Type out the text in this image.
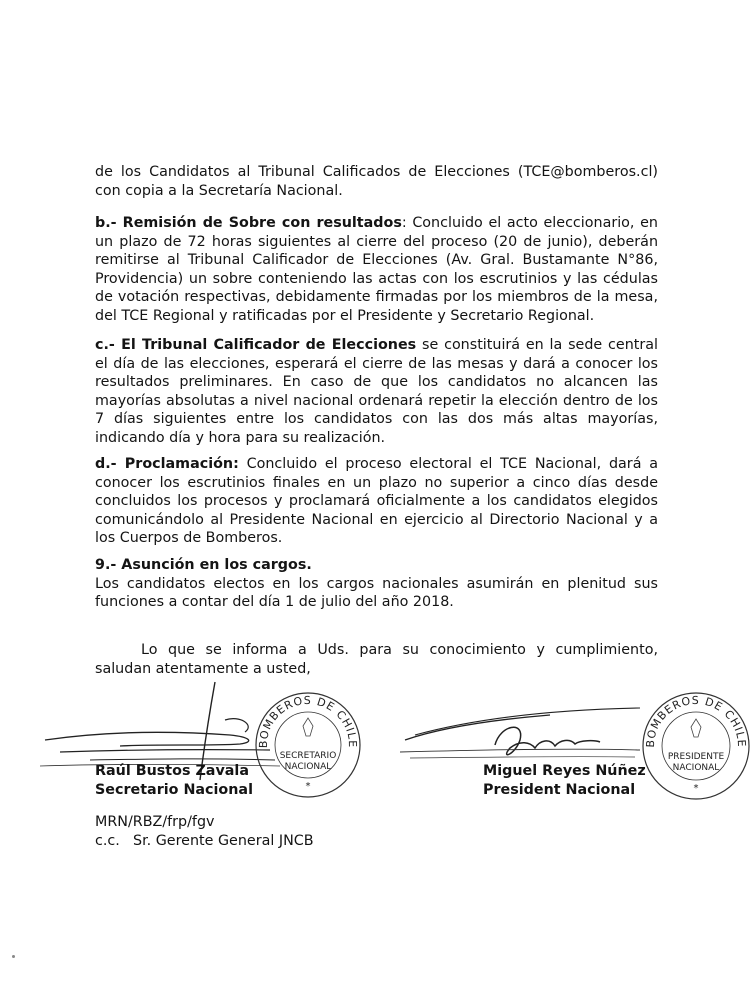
de los Candidatos al Tribunal Calificados de Elecciones (TCE@bomberos.cl) con copia a la Secretaría Nacional.

b.- Remisión de Sobre con resultados: Concluido el acto eleccionario, en un plazo de 72 horas siguientes al cierre del proceso (20 de junio), deberán remitirse al Tribunal Calificador de Elecciones (Av. Gral. Bustamante N°86, Providencia) un sobre conteniendo las actas con los escrutinios y las cédulas de votación respectivas, debidamente firmadas por los miembros de la mesa, del TCE Regional y ratificadas por el Presidente y Secretario Regional.

c.- El Tribunal Calificador de Elecciones se constituirá en la sede central el día de las elecciones, esperará el cierre de las mesas y dará a conocer los resultados preliminares. En caso de que los candidatos no alcancen las mayorías absolutas a nivel nacional ordenará repetir la elección dentro de los 7 días siguientes entre los candidatos con las dos más altas mayorías, indicando día y hora para su realización.

d.- Proclamación: Concluido el proceso electoral el TCE Nacional, dará a conocer los escrutinios finales en un plazo no superior a cinco días desde concluidos los procesos y proclamará oficialmente a los candidatos elegidos comunicándolo al Presidente Nacional en ejercicio al Directorio Nacional y a los Cuerpos de Bomberos.

9.- Asunción en los cargos.
Los candidatos electos en los cargos nacionales asumirán en plenitud sus funciones a contar del día 1 de julio del año 2018.

Lo que se informa a Uds. para su conocimiento y cumplimiento, saludan atentamente a usted,

BOMBEROS DE CHILE
SECRETARIO
NACIONAL
*
BOMBEROS DE CHILE
PRESIDENTE
NACIONAL
*
Raúl Bustos Zavala
Secretario Nacional
Miguel Reyes Núñez
President Nacional
MRN/RBZ/frp/fgv
c.c. Sr. Gerente General JNCB
